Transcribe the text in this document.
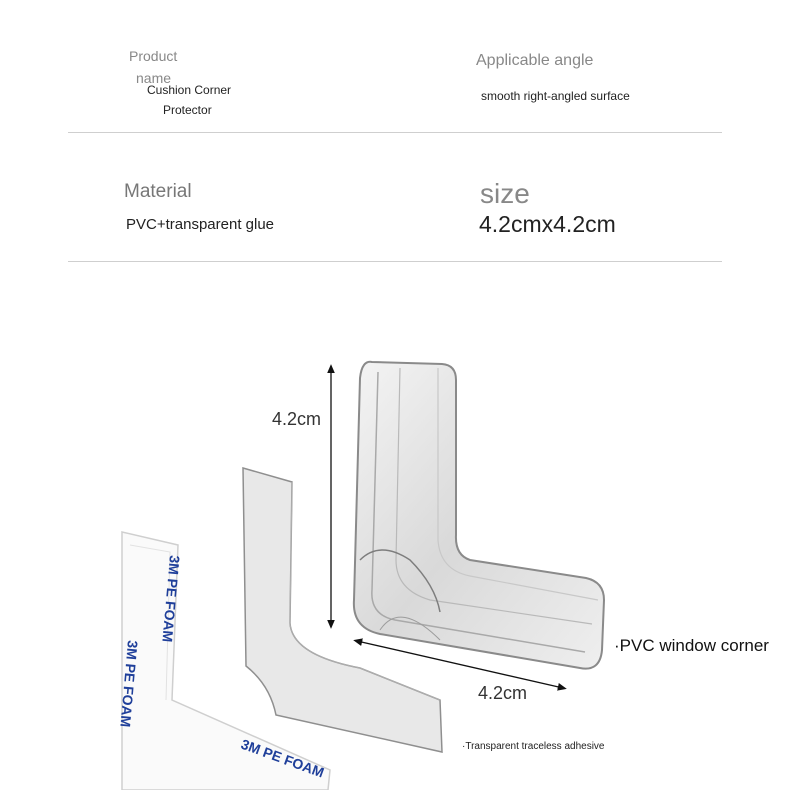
Product
name
Cushion Corner
Protector
Applicable angle
smooth right-angled surface
Material
PVC+transparent glue
size
4.2cmx4.2cm
3M PE FOAM
3M PE FOAM
3M PE FOAM
4.2cm
4.2cm
·PVC window corner
·Transparent traceless adhesive
